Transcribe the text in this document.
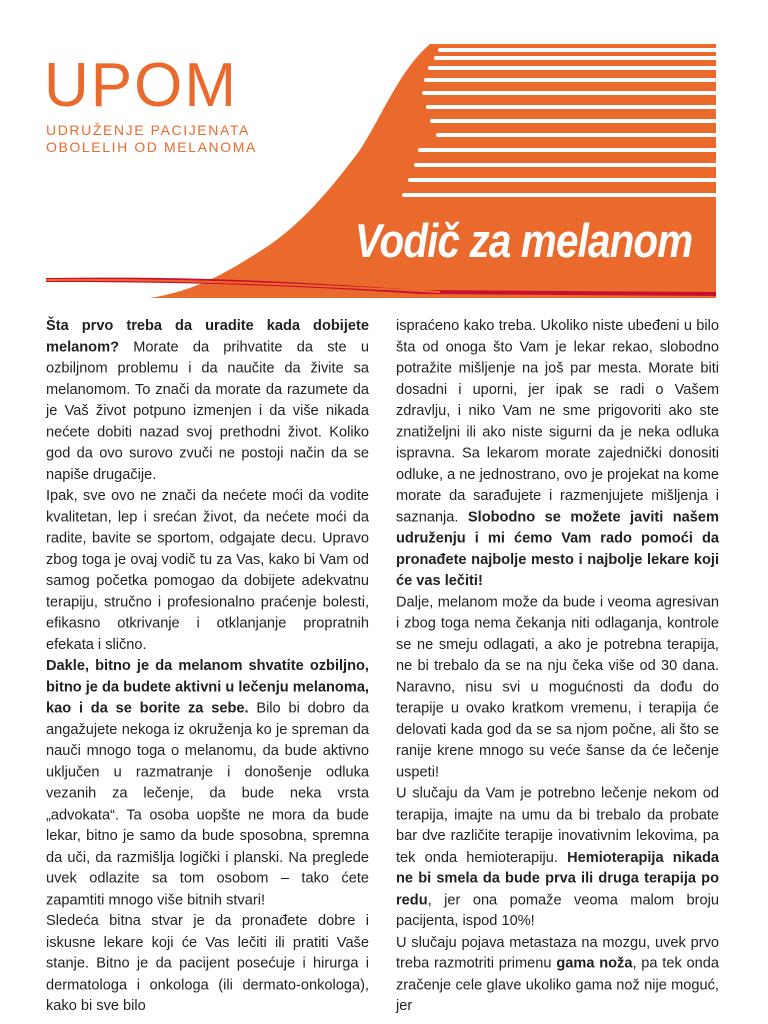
UPOM
UDRUŽENJE PACIJENATA
OBOLELIH OD MELANOMA
Vodič za melanom

Šta prvo treba da uradite kada dobijete melanom? Morate da prihvatite da ste u ozbiljnom problemu i da naučite da živite sa melanomom. To znači da morate da razumete da je Vaš život potpuno izmenjen i da više nikada nećete dobiti nazad svoj prethodni život. Koliko god da ovo surovo zvuči ne postoji način da se napiše drugačije.

Ipak, sve ovo ne znači da nećete moći da vodite kvalitetan, lep i srećan život, da nećete moći da radite, bavite se sportom, odgajate decu. Upravo zbog toga je ovaj vodič tu za Vas, kako bi Vam od samog početka pomogao da dobijete adekvatnu terapiju, stručno i profesionalno praćenje bolesti, efikasno otkrivanje i otklanjanje propratnih efekata i slično.

Dakle, bitno je da melanom shvatite ozbiljno, bitno je da budete aktivni u lečenju melanoma, kao i da se borite za sebe. Bilo bi dobro da angažujete nekoga iz okruženja ko je spreman da nauči mnogo toga o melanomu, da bude aktivno uključen u razmatranje i donošenje odluka vezanih za lečenje, da bude neka vrsta „advokata“. Ta osoba uopšte ne mora da bude lekar, bitno je samo da bude sposobna, spremna da uči, da razmišlja logički i planski. Na preglede uvek odlazite sa tom osobom – tako ćete zapamtiti mnogo više bitnih stvari!

Sledeća bitna stvar je da pronađete dobre i iskusne lekare koji će Vas lečiti ili pratiti Vaše stanje. Bitno je da pacijent posećuje i hirurga i dermatologa i onkologa (ili dermato-onkologa), kako bi sve bilo

ispraćeno kako treba. Ukoliko niste ubeđeni u bilo šta od onoga što Vam je lekar rekao, slobodno potražite mišljenje na još par mesta. Morate biti dosadni i uporni, jer ipak se radi o Vašem zdravlju, i niko Vam ne sme prigovoriti ako ste znatiželjni ili ako niste sigurni da je neka odluka ispravna. Sa lekarom morate zajednički donositi odluke, a ne jednostrano, ovo je projekat na kome morate da sarađujete i razmenjujete mišljenja i saznanja. Slobodno se možete javiti našem udruženju i mi ćemo Vam rado pomoći da pronađete najbolje mesto i najbolje lekare koji će vas lečiti!

Dalje, melanom može da bude i veoma agresivan i zbog toga nema čekanja niti odlaganja, kontrole se ne smeju odlagati, a ako je potrebna terapija, ne bi trebalo da se na nju čeka više od 30 dana. Naravno, nisu svi u mogućnosti da dođu do terapije u ovako kratkom vremenu, i terapija će delovati kada god da se sa njom počne, ali što se ranije krene mnogo su veće šanse da će lečenje uspeti!

U slučaju da Vam je potrebno lečenje nekom od terapija, imajte na umu da bi trebalo da probate bar dve različite terapije inovativnim lekovima, pa tek onda hemioterapiju. Hemioterapija nikada ne bi smela da bude prva ili druga terapija po redu, jer ona pomaže veoma malom broju pacijenta, ispod 10%!

U slučaju pojava metastaza na mozgu, uvek prvo treba razmotriti primenu gama noža, pa tek onda zračenje cele glave ukoliko gama nož nije moguć, jer
